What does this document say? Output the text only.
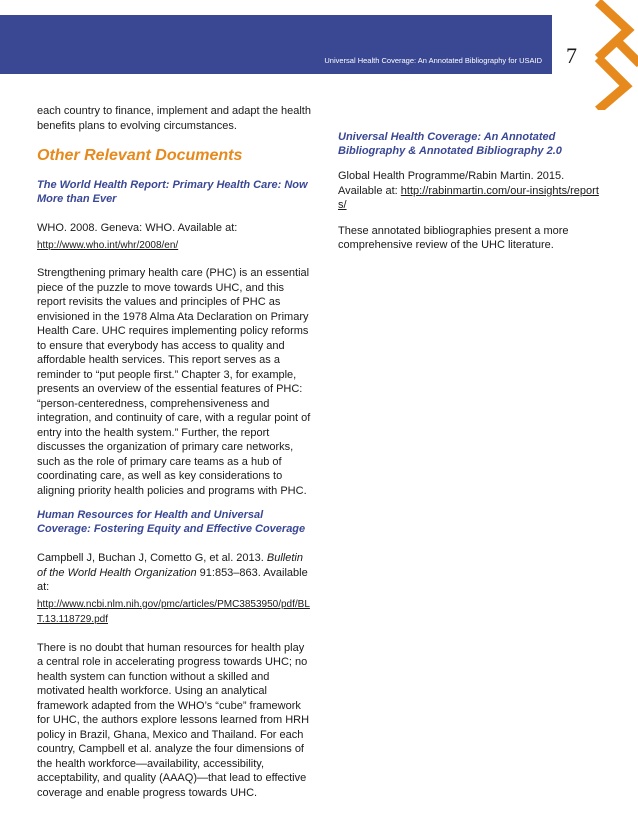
Universal Health Coverage: An Annotated Bibliography for USAID 7

each country to finance, implement and adapt the health benefits plans to evolving circumstances.

Other Relevant Documents
The World Health Report: Primary Health Care: Now More than Ever

WHO. 2008. Geneva: WHO. Available at:

http://www.who.int/whr/2008/en/

Strengthening primary health care (PHC) is an essential piece of the puzzle to move towards UHC, and this report revisits the values and principles of PHC as envisioned in the 1978 Alma Ata Declaration on Primary Health Care. UHC requires implementing policy reforms to ensure that everybody has access to quality and affordable health services. This report serves as a reminder to “put people first.” Chapter 3, for example, presents an overview of the essential features of PHC: “person-centeredness, comprehensiveness and integration, and continuity of care, with a regular point of entry into the health system.” Further, the report discusses the organization of primary care networks, such as the role of primary care teams as a hub of coordinating care, as well as key considerations to aligning priority health policies and programs with PHC.

Human Resources for Health and Universal Coverage: Fostering Equity and Effective Coverage

Campbell J, Buchan J, Cometto G, et al. 2013. Bulletin of the World Health Organization 91:853–863. Available at:

http://www.ncbi.nlm.nih.gov/pmc/articles/PMC3853950/pdf/BLT.13.118729.pdf

There is no doubt that human resources for health play a central role in accelerating progress towards UHC; no health system can function without a skilled and motivated health workforce. Using an analytical framework adapted from the WHO’s “cube” framework for UHC, the authors explore lessons learned from HRH policy in Brazil, Ghana, Mexico and Thailand. For each country, Campbell et al. analyze the four dimensions of the health workforce—availability, accessibility, acceptability, and quality (AAAQ)—that lead to effective coverage and enable progress towards UHC.

Universal Health Coverage: An Annotated Bibliography & Annotated Bibliography 2.0

Global Health Programme/Rabin Martin. 2015. Available at: http://rabinmartin.com/our-insights/reports/

These annotated bibliographies present a more comprehensive review of the UHC literature.
